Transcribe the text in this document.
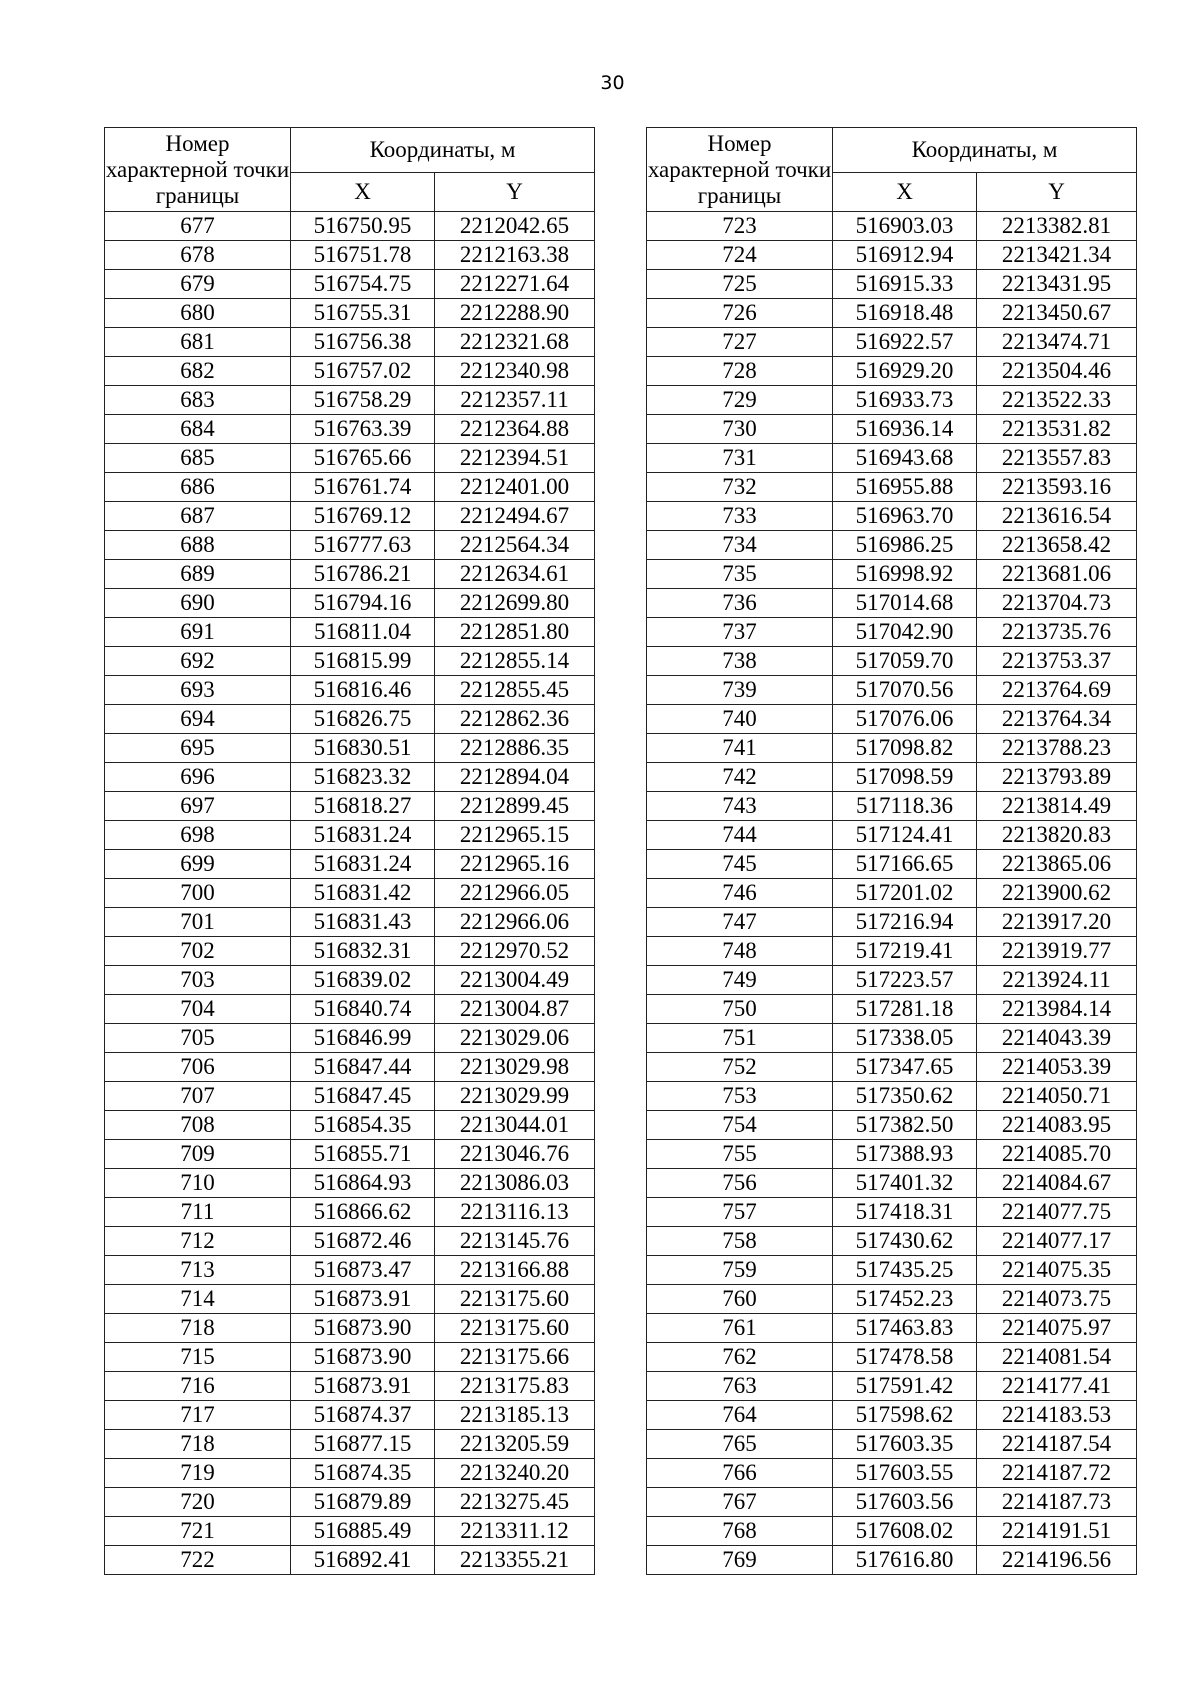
30
Номер характерной точки границы	Координаты, м	
	X	Y
677	516750.95	2212042.65
678	516751.78	2212163.38
679	516754.75	2212271.64
680	516755.31	2212288.90
681	516756.38	2212321.68
682	516757.02	2212340.98
683	516758.29	2212357.11
684	516763.39	2212364.88
685	516765.66	2212394.51
686	516761.74	2212401.00
687	516769.12	2212494.67
688	516777.63	2212564.34
689	516786.21	2212634.61
690	516794.16	2212699.80
691	516811.04	2212851.80
692	516815.99	2212855.14
693	516816.46	2212855.45
694	516826.75	2212862.36
695	516830.51	2212886.35
696	516823.32	2212894.04
697	516818.27	2212899.45
698	516831.24	2212965.15
699	516831.24	2212965.16
700	516831.42	2212966.05
701	516831.43	2212966.06
702	516832.31	2212970.52
703	516839.02	2213004.49
704	516840.74	2213004.87
705	516846.99	2213029.06
706	516847.44	2213029.98
707	516847.45	2213029.99
708	516854.35	2213044.01
709	516855.71	2213046.76
710	516864.93	2213086.03
711	516866.62	2213116.13
712	516872.46	2213145.76
713	516873.47	2213166.88
714	516873.91	2213175.60
718	516873.90	2213175.60
715	516873.90	2213175.66
716	516873.91	2213175.83
717	516874.37	2213185.13
718	516877.15	2213205.59
719	516874.35	2213240.20
720	516879.89	2213275.45
721	516885.49	2213311.12
722	516892.41	2213355.21
Номер характерной точки границы	Координаты, м	
	X	Y
723	516903.03	2213382.81
724	516912.94	2213421.34
725	516915.33	2213431.95
726	516918.48	2213450.67
727	516922.57	2213474.71
728	516929.20	2213504.46
729	516933.73	2213522.33
730	516936.14	2213531.82
731	516943.68	2213557.83
732	516955.88	2213593.16
733	516963.70	2213616.54
734	516986.25	2213658.42
735	516998.92	2213681.06
736	517014.68	2213704.73
737	517042.90	2213735.76
738	517059.70	2213753.37
739	517070.56	2213764.69
740	517076.06	2213764.34
741	517098.82	2213788.23
742	517098.59	2213793.89
743	517118.36	2213814.49
744	517124.41	2213820.83
745	517166.65	2213865.06
746	517201.02	2213900.62
747	517216.94	2213917.20
748	517219.41	2213919.77
749	517223.57	2213924.11
750	517281.18	2213984.14
751	517338.05	2214043.39
752	517347.65	2214053.39
753	517350.62	2214050.71
754	517382.50	2214083.95
755	517388.93	2214085.70
756	517401.32	2214084.67
757	517418.31	2214077.75
758	517430.62	2214077.17
759	517435.25	2214075.35
760	517452.23	2214073.75
761	517463.83	2214075.97
762	517478.58	2214081.54
763	517591.42	2214177.41
764	517598.62	2214183.53
765	517603.35	2214187.54
766	517603.55	2214187.72
767	517603.56	2214187.73
768	517608.02	2214191.51
769	517616.80	2214196.56
